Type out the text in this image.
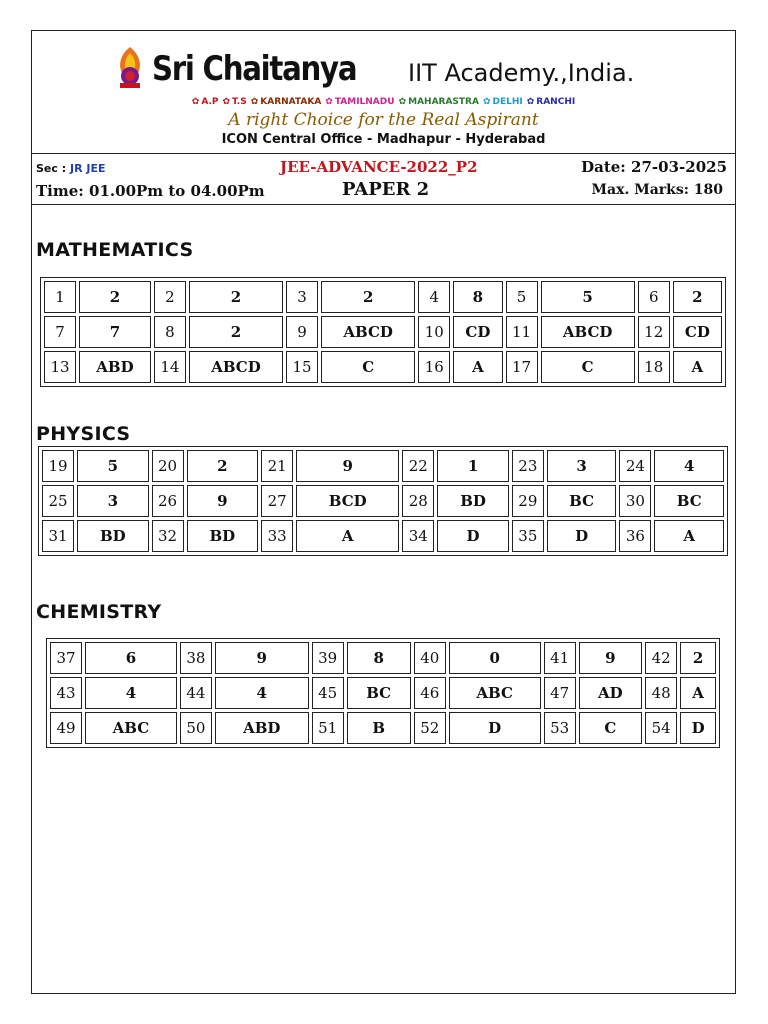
Sri Chaitanya IIT Academy.,India.
✿ A.P ✿ T.S ✿ KARNATAKA ✿ TAMILNADU ✿ MAHARASTRA ✿ DELHI ✿ RANCHI
A right Choice for the Real Aspirant
ICON Central Office - Madhapur - Hyderabad
Sec : JR JEE	JEE-ADVANCE-2022_P2	Date: 27-03-2025
Time: 01.00Pm to 04.00Pm	PAPER 2	Max. Marks: 180
MATHEMATICS
1	2	2	2	3	2	4	8	5	5	6	2
7	7	8	2	9	ABCD	10	CD	11	ABCD	12	CD
13	ABD	14	ABCD	15	C	16	A	17	C	18	A
PHYSICS
19	5	20	2	21	9	22	1	23	3	24	4
25	3	26	9	27	BCD	28	BD	29	BC	30	BC
31	BD	32	BD	33	A	34	D	35	D	36	A
CHEMISTRY
37	6	38	9	39	8	40	0	41	9	42	2
43	4	44	4	45	BC	46	ABC	47	AD	48	A
49	ABC	50	ABD	51	B	52	D	53	C	54	D
